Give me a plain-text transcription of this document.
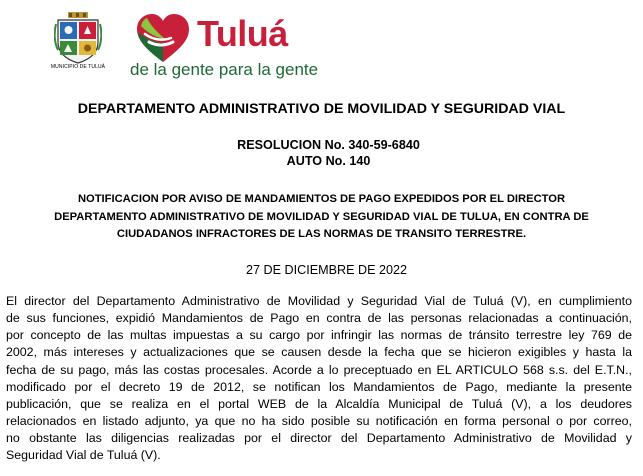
MUNICIPIO DE TULUÁ
Tuluá
de la gente para la gente
DEPARTAMENTO ADMINISTRATIVO DE MOVILIDAD Y SEGURIDAD VIAL
RESOLUCION No. 340-59-6840
AUTO No. 140
NOTIFICACION POR AVISO DE MANDAMIENTOS DE PAGO EXPEDIDOS POR EL DIRECTOR
DEPARTAMENTO ADMINISTRATIVO DE MOVILIDAD Y SEGURIDAD VIAL DE TULUA, EN CONTRA DE
CIUDADANOS INFRACTORES DE LAS NORMAS DE TRANSITO TERRESTRE.
27 DE DICIEMBRE DE 2022
El director del Departamento Administrativo de Movilidad y Seguridad Vial de Tuluá (V), en cumplimiento
de sus funciones, expidió Mandamientos de Pago en contra de las personas relacionadas a continuación,
por concepto de las multas impuestas a su cargo por infringir las normas de tránsito terrestre ley 769 de
2002, más intereses y actualizaciones que se causen desde la fecha que se hicieron exigibles y hasta la
fecha de su pago, más las costas procesales. Acorde a lo preceptuado en EL ARTICULO 568 s.s. del E.T.N.,
modificado por el decreto 19 de 2012, se notifican los Mandamientos de Pago, mediante la presente
publicación, que se realiza en el portal WEB de la Alcaldía Municipal de Tuluá (V), a los deudores
relacionados en listado adjunto, ya que no ha sido posible su notificación en forma personal o por correo,
no obstante las diligencias realizadas por el director del Departamento Administrativo de Movilidad y
Seguridad Vial de Tuluá (V).
